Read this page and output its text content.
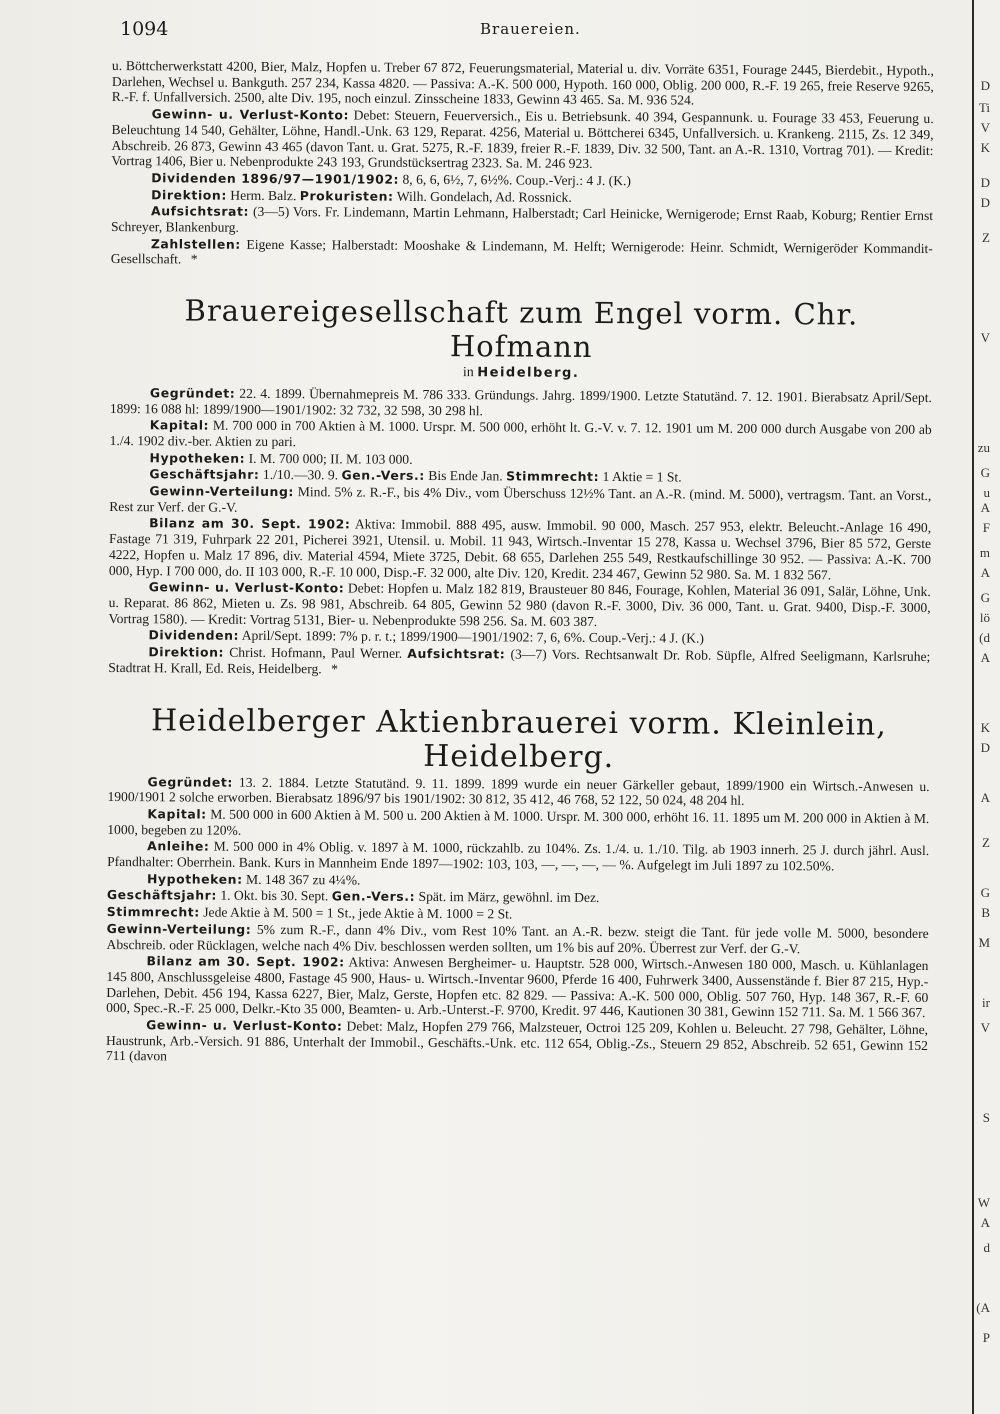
1094	Brauereien.
D
Ti
V
K
D
D
Z
V
zu
G
u
A
F
m
A
G
lö
(d
A
K
D
A
Z
G
B
M
ir
V
S
W
A
d
(A
P

u. Böttcherwerkstatt 4200, Bier, Malz, Hopfen u. Treber 67 872, Feuerungsmaterial, Material u. div. Vorräte 6351, Fourage 2445, Bierdebit., Hypoth., Darlehen, Wechsel u. Bankguth. 257 234, Kassa 4820. — Passiva: A.-K. 500 000, Hypoth. 160 000, Oblig. 200 000, R.-F. 19 265, freie Reserve 9265, R.-F. f. Unfallversich. 2500, alte Div. 195, noch einzul. Zinsscheine 1833, Gewinn 43 465. Sa. M. 936 524.

Gewinn- u. Verlust-Konto: Debet: Steuern, Feuerversich., Eis u. Betriebsunk. 40 394, Gespannunk. u. Fourage 33 453, Feuerung u. Beleuchtung 14 540, Gehälter, Löhne, Handl.-Unk. 63 129, Reparat. 4256, Material u. Böttcherei 6345, Unfallversich. u. Krankeng. 2115, Zs. 12 349, Abschreib. 26 873, Gewinn 43 465 (davon Tant. u. Grat. 5275, R.-F. 1839, freier R.-F. 1839, Div. 32 500, Tant. an A.-R. 1310, Vortrag 701). — Kredit: Vortrag 1406, Bier u. Nebenprodukte 243 193, Grundstücksertrag 2323. Sa. M. 246 923.

Dividenden 1896/97—1901/1902: 8, 6, 6, 6½, 7, 6½%. Coup.-Verj.: 4 J. (K.)

Direktion: Herm. Balz. Prokuristen: Wilh. Gondelach, Ad. Rossnick.

Aufsichtsrat: (3—5) Vors. Fr. Lindemann, Martin Lehmann, Halberstadt; Carl Heinicke, Wernigerode; Ernst Raab, Koburg; Rentier Ernst Schreyer, Blankenburg.

Zahlstellen: Eigene Kasse; Halberstadt: Mooshake & Lindemann, M. Helft; Wernigerode: Heinr. Schmidt, Wernigeröder Kommandit-Gesellschaft. *

Brauereigesellschaft zum Engel vorm. Chr. Hofmann
in Heidelberg.

Gegründet: 22. 4. 1899. Übernahmepreis M. 786 333. Gründungs. Jahrg. 1899/1900. Letzte Statutänd. 7. 12. 1901. Bierabsatz April/Sept. 1899: 16 088 hl: 1899/1900—1901/1902: 32 732, 32 598, 30 298 hl.

Kapital: M. 700 000 in 700 Aktien à M. 1000. Urspr. M. 500 000, erhöht lt. G.-V. v. 7. 12. 1901 um M. 200 000 durch Ausgabe von 200 ab 1./4. 1902 div.-ber. Aktien zu pari.

Hypotheken: I. M. 700 000; II. M. 103 000.

Geschäftsjahr: 1./10.—30. 9. Gen.-Vers.: Bis Ende Jan. Stimmrecht: 1 Aktie = 1 St.

Gewinn-Verteilung: Mind. 5% z. R.-F., bis 4% Div., vom Überschuss 12½% Tant. an A.-R. (mind. M. 5000), vertragsm. Tant. an Vorst., Rest zur Verf. der G.-V.

Bilanz am 30. Sept. 1902: Aktiva: Immobil. 888 495, ausw. Immobil. 90 000, Masch. 257 953, elektr. Beleucht.-Anlage 16 490, Fastage 71 319, Fuhrpark 22 201, Picherei 3921, Utensil. u. Mobil. 11 943, Wirtsch.-Inventar 15 278, Kassa u. Wechsel 3796, Bier 85 572, Gerste 4222, Hopfen u. Malz 17 896, div. Material 4594, Miete 3725, Debit. 68 655, Darlehen 255 549, Restkaufschillinge 30 952. — Passiva: A.-K. 700 000, Hyp. I 700 000, do. II 103 000, R.-F. 10 000, Disp.-F. 32 000, alte Div. 120, Kredit. 234 467, Gewinn 52 980. Sa. M. 1 832 567.

Gewinn- u. Verlust-Konto: Debet: Hopfen u. Malz 182 819, Brausteuer 80 846, Fourage, Kohlen, Material 36 091, Salär, Löhne, Unk. u. Reparat. 86 862, Mieten u. Zs. 98 981, Abschreib. 64 805, Gewinn 52 980 (davon R.-F. 3000, Div. 36 000, Tant. u. Grat. 9400, Disp.-F. 3000, Vortrag 1580). — Kredit: Vortrag 5131, Bier- u. Nebenprodukte 598 256. Sa. M. 603 387.

Dividenden: April/Sept. 1899: 7% p. r. t.; 1899/1900—1901/1902: 7, 6, 6%. Coup.-Verj.: 4 J. (K.)

Direktion: Christ. Hofmann, Paul Werner. Aufsichtsrat: (3—7) Vors. Rechtsanwalt Dr. Rob. Süpfle, Alfred Seeligmann, Karlsruhe; Stadtrat H. Krall, Ed. Reis, Heidelberg. *

Heidelberger Aktienbrauerei vorm. Kleinlein, Heidelberg.

Gegründet: 13. 2. 1884. Letzte Statutänd. 9. 11. 1899. 1899 wurde ein neuer Gärkeller gebaut, 1899/1900 ein Wirtsch.-Anwesen u. 1900/1901 2 solche erworben. Bierabsatz 1896/97 bis 1901/1902: 30 812, 35 412, 46 768, 52 122, 50 024, 48 204 hl.

Kapital: M. 500 000 in 600 Aktien à M. 500 u. 200 Aktien à M. 1000. Urspr. M. 300 000, erhöht 16. 11. 1895 um M. 200 000 in Aktien à M. 1000, begeben zu 120%.

Anleihe: M. 500 000 in 4% Oblig. v. 1897 à M. 1000, rückzahlb. zu 104%. Zs. 1./4. u. 1./10. Tilg. ab 1903 innerh. 25 J. durch jährl. Ausl. Pfandhalter: Oberrhein. Bank. Kurs in Mannheim Ende 1897—1902: 103, 103, —, —, —, — %. Aufgelegt im Juli 1897 zu 102.50%.

Hypotheken: M. 148 367 zu 4¼%.

Geschäftsjahr: 1. Okt. bis 30. Sept. Gen.-Vers.: Spät. im März, gewöhnl. im Dez.

Stimmrecht: Jede Aktie à M. 500 = 1 St., jede Aktie à M. 1000 = 2 St.

Gewinn-Verteilung: 5% zum R.-F., dann 4% Div., vom Rest 10% Tant. an A.-R. bezw. steigt die Tant. für jede volle M. 5000, besondere Abschreib. oder Rücklagen, welche nach 4% Div. beschlossen werden sollten, um 1% bis auf 20%. Überrest zur Verf. der G.-V.

Bilanz am 30. Sept. 1902: Aktiva: Anwesen Bergheimer- u. Hauptstr. 528 000, Wirtsch.-Anwesen 180 000, Masch. u. Kühlanlagen 145 800, Anschlussgeleise 4800, Fastage 45 900, Haus- u. Wirtsch.-Inventar 9600, Pferde 16 400, Fuhrwerk 3400, Aussenstände f. Bier 87 215, Hyp.-Darlehen, Debit. 456 194, Kassa 6227, Bier, Malz, Gerste, Hopfen etc. 82 829. — Passiva: A.-K. 500 000, Oblig. 507 760, Hyp. 148 367, R.-F. 60 000, Spec.-R.-F. 25 000, Delkr.-Kto 35 000, Beamten- u. Arb.-Unterst.-F. 9700, Kredit. 97 446, Kautionen 30 381, Gewinn 152 711. Sa. M. 1 566 367.

Gewinn- u. Verlust-Konto: Debet: Malz, Hopfen 279 766, Malzsteuer, Octroi 125 209, Kohlen u. Beleucht. 27 798, Gehälter, Löhne, Haustrunk, Arb.-Versich. 91 886, Unterhalt der Immobil., Geschäfts.-Unk. etc. 112 654, Oblig.-Zs., Steuern 29 852, Abschreib. 52 651, Gewinn 152 711 (davon
